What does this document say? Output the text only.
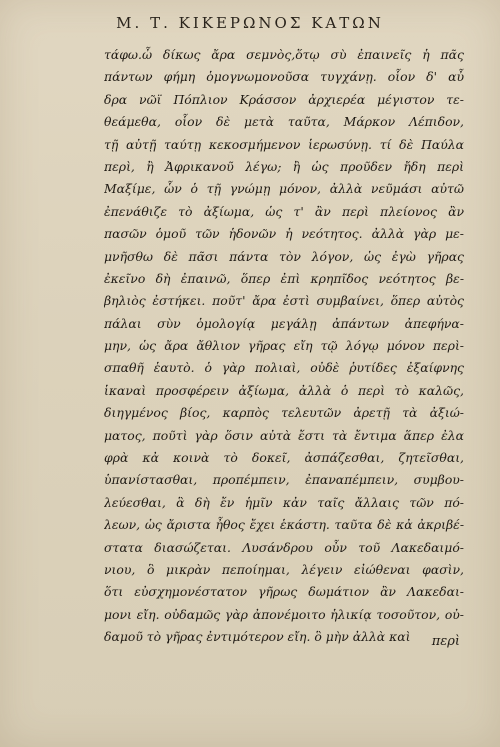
Μ. Τ. ΚΙΚΕΡΩΝΟΣ ΚΑΤΩΝ
τάφω.ὦ δίκως ἄρα σεμνὸς,ὅτῳ σὺ ἐπαινεῖς ἡ πᾶς
πάντων φήμη ὁμογνωμονοῦσα τυγχάνῃ. οἷον δ' αὖ
δρα νῶϊ Πόπλιον Κράσσον ἀρχιερέα μέγιστον τε-
θεάμεθα, οἷον δὲ μετὰ ταῦτα, Μάρκον Λέπιδον,
τῇ αὐτῇ ταύτῃ κεκοσμήμενον ἱερωσύνῃ. τί δὲ Παύλα
περὶ, ἢ Ἀφρικανοῦ λέγω; ἢ ὡς προῦδεν ἤδη περὶ
Μαξίμε, ὧν ὁ τῇ γνώμῃ μόνον, ἀλλὰ νεῦμάσι αὐτῶ
ἐπενάθιζε τὸ ἀξίωμα, ὡς τ' ἂν περὶ πλείονος ἂν
πασῶν ὁμοῦ τῶν ἡδονῶν ἡ νεότητος. ἀλλὰ γὰρ με-
μνῆσθω δὲ πᾶσι πάντα τὸν λόγον, ὡς ἐγὼ γῆρας
ἐκεῖνο δὴ ἐπαινῶ, ὅπερ ἐπὶ κρηπῖδος νεότητος βε-
βηλιὸς ἐστήκει. ποῦτ' ἄρα ἐστὶ συμβαίνει, ὅπερ αὐτὸς
πάλαι σὺν ὁμολογίᾳ μεγάλῃ ἀπάντων ἀπεφήνα-
μην, ὡς ἄρα ἄθλιον γῆρας εἴη τῷ λόγῳ μόνον περὶ-
σπαθῆ ἑαυτὸ. ὁ γὰρ πολιαὶ, οὐδὲ ῥυτίδες ἐξαίφνης
ἱκαναὶ προσφέρειν ἀξίωμα, ἀλλὰ ὁ περὶ τὸ καλῶς,
διηγμένος βίος, καρπὸς τελευτῶν ἀρετῇ τὰ ἀξιώ-
ματος, ποῦτὶ γὰρ ὅσιν αὐτὰ ἔστι τὰ ἔντιμα ἅπερ ἐλα
φρὰ κἀ κοινὰ τὸ δοκεῖ, ἀσπάζεσθαι, ζητεῖσθαι,
ὑπανίστασθαι, προπέμπειν, ἐπαναπέμπειν, συμβου-
λεύεσθαι, ἃ δὴ ἔν ἡμῖν κἀν ταῖς ἄλλαις τῶν πό-
λεων, ὡς ἄριστα ἦθος ἔχει ἑκάστη. ταῦτα δὲ κἀ ἀκριβέ-
στατα διασώζεται. Λυσάνδρου οὖν τοῦ Λακεδαιμό-
νιου, ὃ μικρὰν πεποίημαι, λέγειν εἰώθεναι φασὶν,
ὅτι εὐσχημονέστατον γῆρως δωμάτιον ἂν Λακεδαι-
μονι εἴη. οὐδαμῶς γὰρ ἀπονέμοιτο ἡλικίᾳ τοσοῦτον, οὐ-
δαμοῦ τὸ γῆρας ἐντιμότερον εἴη. ὃ μὴν ἀλλὰ καὶ	περὶ
